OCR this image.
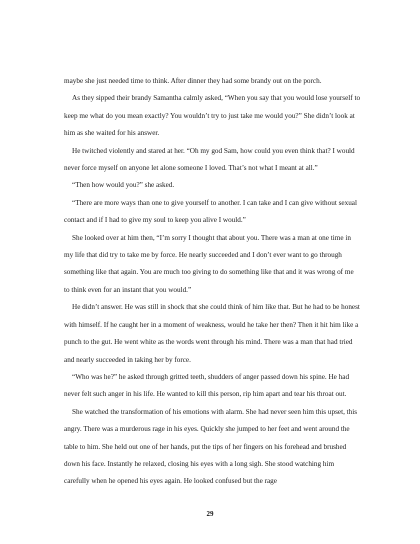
maybe she just needed time to think. After dinner they had some brandy out on the porch.

As they sipped their brandy Samantha calmly asked, “When you say that you would lose yourself to keep me what do you mean exactly? You wouldn’t try to just take me would you?” She didn’t look at him as she waited for his answer.

He twitched violently and stared at her. “Oh my god Sam, how could you even think that? I would never force myself on anyone let alone someone I loved. That’s not what I meant at all.”

“Then how would you?” she asked.

“There are more ways than one to give yourself to another. I can take and I can give without sexual contact and if I had to give my soul to keep you alive I would.”

She looked over at him then, “I’m sorry I thought that about you. There was a man at one time in my life that did try to take me by force. He nearly succeeded and I don’t ever want to go through something like that again. You are much too giving to do something like that and it was wrong of me to think even for an instant that you would.”

He didn’t answer. He was still in shock that she could think of him like that. But he had to be honest with himself. If he caught her in a moment of weakness, would he take her then? Then it hit him like a punch to the gut. He went white as the words went through his mind. There was a man that had tried and nearly succeeded in taking her by force.

“Who was he?” he asked through gritted teeth, shudders of anger passed down his spine. He had never felt such anger in his life. He wanted to kill this person, rip him apart and tear his throat out.

She watched the transformation of his emotions with alarm. She had never seen him this upset, this angry. There was a murderous rage in his eyes. Quickly she jumped to her feet and went around the table to him. She held out one of her hands, put the tips of her fingers on his forehead and brushed down his face. Instantly he relaxed, closing his eyes with a long sigh. She stood watching him carefully when he opened his eyes again. He looked confused but the rage

29
